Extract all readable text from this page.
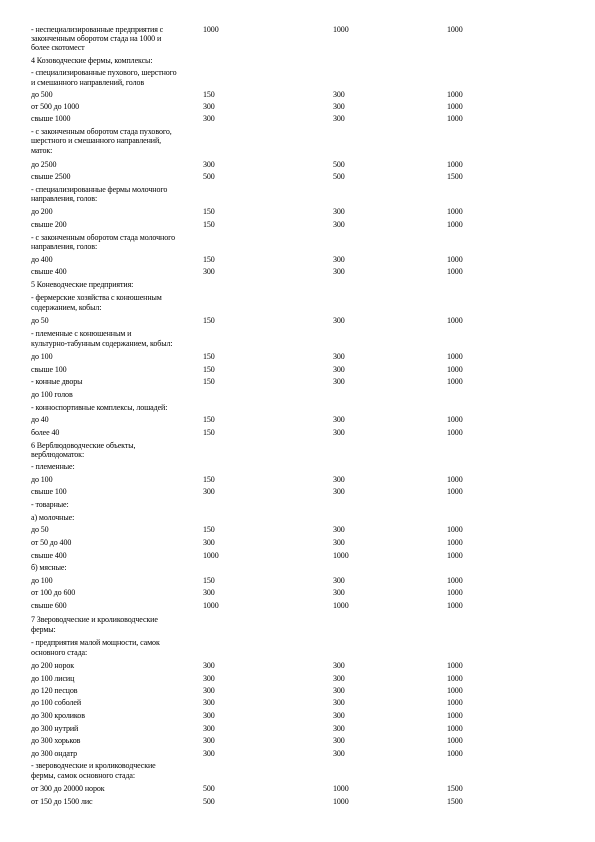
- неспециализированные предприятия с	1000	1000	1000
законченным оборотом стада на 1000 и
более скотомест
4 Козоводческие фермы, комплексы:
- специализированные пухового, шерстного
и смешанного направлений, голов
до 500	150	300	1000
от 500 до 1000	300	300	1000
свыше 1000	300	300	1000
- с законченным оборотом стада пухового,
шерстного и смешанного направлений,
маток:
до 2500	300	500	1000
свыше 2500	500	500	1500
- специализированные фермы молочного
направления, голов:
до 200	150	300	1000
свыше 200	150	300	1000
- с законченным оборотом стада молочного
направления, голов:
до 400	150	300	1000
свыше 400	300	300	1000
5 Коневодческие предприятия:
- фермерские хозяйства с конюшенным
содержанием, кобыл:
до 50	150	300	1000
- племенные с конюшенным и
культурно-табунным содержанием, кобыл:
до 100	150	300	1000
свыше 100	150	300	1000
- конные дворы	150	300	1000
до 100 голов
- конноспортивные комплексы, лошадей:
до 40	150	300	1000
более 40	150	300	1000
6 Верблюдоводческие объекты,
верблюдоматок:
- племенные:
до 100	150	300	1000
свыше 100	300	300	1000
- товарные:
а) молочные:
до 50	150	300	1000
от 50 до 400	300	300	1000
свыше 400	1000	1000	1000
б) мясные:
до 100	150	300	1000
от 100 до 600	300	300	1000
свыше 600	1000	1000	1000
7 Звероводческие и кролиководческие
фермы:
- предприятия малой мощности, самок
основного стада:
до 200 норок	300	300	1000
до 100 лисиц	300	300	1000
до 120 песцов	300	300	1000
до 100 соболей	300	300	1000
до 300 кроликов	300	300	1000
до 300 нутрий	300	300	1000
до 300 хорьков	300	300	1000
до 300 ондатр	300	300	1000
- звероводческие и кролиководческие
фермы, самок основного стада:
от 300 до 20000 норок	500	1000	1500
от 150 до 1500 лис	500	1000	1500
